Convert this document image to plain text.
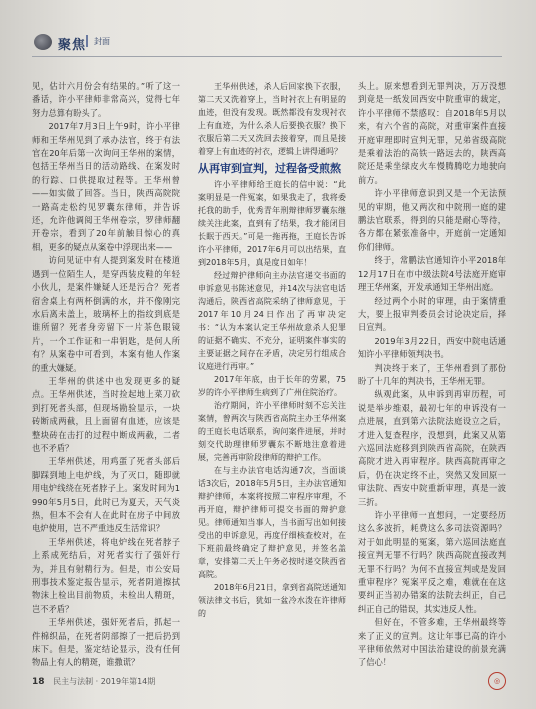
聚焦 封面

见，估计六月份会有结果的。”听了这一番话，许小平律师非常高兴，觉得七年努力总算有盼头了。

2017年7月3日上午9时，许小平律师和王华州见到了承办法官，终于有法官在20年后第一次询问王华州的案情，包括王华州当日的活动路线、在案发时的行踪、口供提取过程等。王华州曾——如实做了回答。当日，陕西高院院一路高走松约见罗囊东律师，并告诉还，允许他调阅王华州卷宗，罗律师翻开卷宗，看到了20年前触目惊心的真相，更多的疑点从案卷中浮现出来——

访问见证中有人提到案发时在楼道遇到一位陌生人，是穿西装皮鞋的年轻小伙儿，是案件嫌疑人还是污合？死者宿舍桌上有两杯倒满的水，并不像刚完水后离未盖上，玻璃杯上的指纹到底是谁所留？死者身旁留下一片茶色眼镜片，一个工作证和一串钥匙，是何人所有？从案卷中可看到，本案有他人作案的重大嫌疑。

王华州的供述中也发现更多的疑点。王华州供述，当时捡起地上菜刀砍到打死者头部，但现场勘验显示，一块砖断成两截，且上面留有血迹，应该是整块砖在击打的过程中断成两截，二者也不矛盾？

王华州供述，用鸡蛋了死者头部后脚踩到地上电炉线，为了灭口，随即就用电炉线绕在死者脖子上。案发时间为1990年5月5日，此时已为夏天，天气炎热，但本不会有人在此时在房子中间放电炉使用，岂不严重违反生活常识？

王华州供述，将电炉线在死者脖子上系成死结后，对死者实行了强奸行为，并且有射精行为。但是，市公安局刑事技术鉴定报告显示，死者阴道擦拭物沫上检出目前物质，未检出人精斑，岂不矛盾？

王华州供述，强奸死者后，抓起一件棉织品，在死者阴部擦了一把后扔到床下。但是，鉴定结论显示，没有任何物品上有人的精斑，谁撒谎？

王华州供述，杀人后回家换下衣服，第二天又洗着穿上，当时衬衣上有明显的血迹，但没有发现。既然都没有发现衬衣上有血迹，为什么杀人后要换衣服？换下衣服后第二天又洗回去接着穿，而且是接着穿上有血迹的衬衣，逻辑上讲得通吗？

从再审到宣判，过程备受煎熬

许小平律师给王庭长的信中说：“此案明显是一件冤案，如果我走了，我将委托我的助手，优秀青年刑辩律师罗囊东继续关注此案，直到有了结果，我才能闭目长眠于西天。”可是一拖再拖，王庭长告诉许小平律师，2017年6月可以出结果，直到2018年5月，真是度日如年！

经过辩护律师向主办法官递交书面的申诉意见书陈述意见，并14次与法官电话沟通后，陕西省高院采纳了律师意见，于2017年10月24日作出了再审决定书：“认为本案认定王华州故意杀人犯罪的证据不确实、不充分，证明案件事实的主要证据之间存在矛盾，决定另行组成合议庭进行再审。”

2017年年底，由于长年的劳累，75岁的许小平律师生病到了广州住院治疗。

治疗期间，许小平律师时刻不忘关注案情，曾两次与陕西省高院主办王华州案的王庭长电话联系，询问案件进展，并时刻交代助理律师罗囊东不断地注意着进展，完善再审阶段律师的辩护工作。

在与主办法官电话沟通7次，当面谈话3次后，2018年5月5日，主办法官通知辩护律师，本案将按照二审程序审理，不再开庭，辩护律师可提交书面的辩护意见。律师通知当事人，当书面写出如何接受出的申诉意见，再度仔细核查校对，在下班前最终确定了辩护意见，并签名盖章，安排第二天上午务必按时递交陕西省高院。

2018年6月21日，拿到省高院送通知领法律文书后，犹如一盆冷水泼在许律师的

头上。原来想看到无罪判决，万万没想到竟是一纸发回西安中院重审的裁定，许小平律师不禁感叹：自2018年5月以来，有六个省的高院，对重审案件直接开庭审理即时宣判无罪，兄弟省级高院是乘着法治的高铁一路远去的，陕西高院还是乘坐绿皮火车慢腾腾吃力地驶向前方。

许小平律师意识到又是一个无法预见的审期，他又两次和中院刑一庭的建鹏法官联系，得到的只能是耐心等待，各方都在紧张准备中，开庭前一定通知你们律师。

终于，常鹏法官通知许小平2018年12月17日在市中级法院4号法庭开庭审理王华州案，开发承通知王华州出庭。

经过两个小时的审理，由于案情重大，要上报审判委员会讨论决定后，择日宣判。

2019年3月22日，西安中院电话通知许小平律师领判决书。

判决终于来了，王华州看到了那份盼了十几年的判决书，王华州无罪。

纵观此案，从申诉到再审历程，可说是举步维艰，最初七年的申诉没有一点进展，直到第六法院法庭设立之后，才进入复查程序，没想到，此案又从第六巡回法庭移到到陕西省高院，在陕西高院才进入再审程序。陕西高院再审之后，仍在决定终不止，突然又发回原一审法院、西安中院重新审理，真是一波三折。

许小平律师一直想问，一定要经历这么多波折，耗费这么多司法资源吗？对于如此明显的冤案，第六巡回法庭直接宣判无罪不行吗？陕西高院直接改判无罪不行吗？为何不直接宣判或是发回重审程序？冤案平反之难，难就在在这要纠正当初办错案的法院去纠正，自己纠正自己的错误，其实违反人性。

但好在，不管多难，王华州最终等来了正义的宣判。这让年事已高的许小平律师依然对中国法治建设的前景充满了信心！

18 民主与法制 · 2019年第14期	◎
